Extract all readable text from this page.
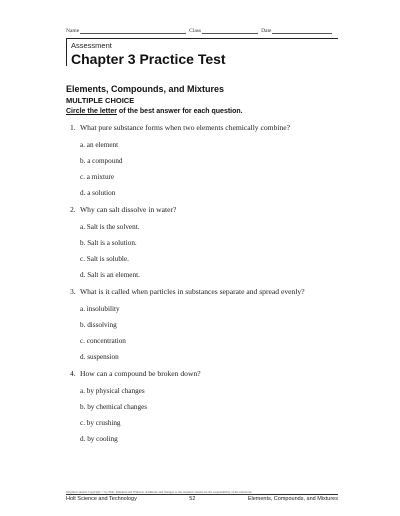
Name	Class	Date
Assessment
Chapter 3 Practice Test
Elements, Compounds, and Mixtures
MULTIPLE CHOICE
Circle the letter of the best answer for each question.
1. What pure substance forms when two elements chemically combine?
a. an element
b. a compound
c. a mixture
d. a solution
2. Why can salt dissolve in water?
a. Salt is the solvent.
b. Salt is a solution.
c. Salt is soluble.
d. Salt is an element.
3. What is it called when particles in substances separate and spread evenly?
a. insolubility
b. dissolving
c. concentration
d. suspension
4. How can a compound be broken down?
a. by physical changes
b. by chemical changes
c. by crushing
d. by cooling
Original content Copyright © by Holt, Rinehart and Winston. Additions and changes to the original content are the responsibility of the instructor.
Holt Science and Technology	52	Elements, Compounds, and Mixtures
